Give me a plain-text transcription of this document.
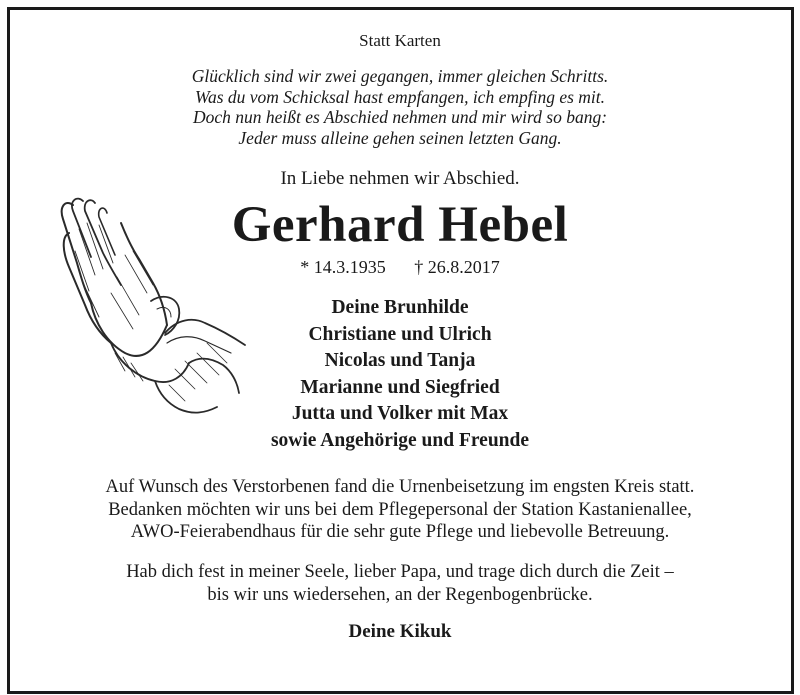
Statt Karten
Glücklich sind wir zwei gegangen, immer gleichen Schritts.
Was du vom Schicksal hast empfangen, ich empfing es mit.
Doch nun heißt es Abschied nehmen und mir wird so bang:
Jeder muss alleine gehen seinen letzten Gang.
In Liebe nehmen wir Abschied.
Gerhard Hebel
* 14.3.1935 † 26.8.2017
Deine Brunhilde
Christiane und Ulrich
Nicolas und Tanja
Marianne und Siegfried
Jutta und Volker mit Max
sowie Angehörige und Freunde
Auf Wunsch des Verstorbenen fand die Urnenbeisetzung im engsten Kreis statt.
Bedanken möchten wir uns bei dem Pflegepersonal der Station Kastanienallee,
AWO-Feierabendhaus für die sehr gute Pflege und liebevolle Betreuung.
Hab dich fest in meiner Seele, lieber Papa, und trage dich durch die Zeit –
bis wir uns wiedersehen, an der Regenbogenbrücke.
Deine Kikuk
